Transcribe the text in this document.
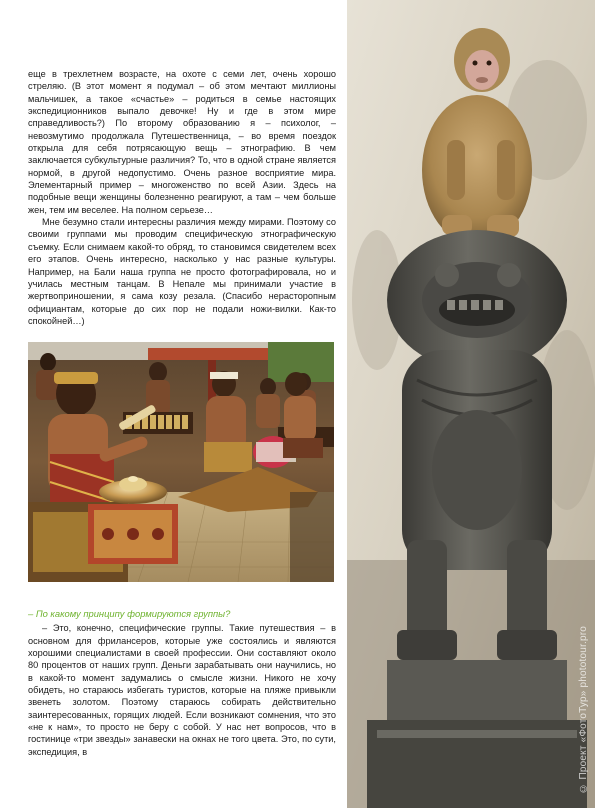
еще в трехлетнем возрасте, на охоте с семи лет, очень хорошо стреляю. (В этот момент я подумал – об этом мечтают миллионы мальчишек, а такое «счастье» – родиться в семье настоящих экспедиционников выпало девочке! Ну и где в этом мире справедливость?) По второму образованию я – психолог, – невозмутимо продолжала Путешественница, – во время поездок открыла для себя потрясающую вещь – этнографию. В чем заключается субкультурные различия? То, что в одной стране является нормой, в другой недопустимо. Очень разное восприятие мира. Элементарный пример – многоженство по всей Азии. Здесь на подобные вещи женщины болезненно реагируют, а там – чем больше жен, тем им веселее. На полном серьезе…

Мне безумно стали интересны различия между мирами. Поэтому со своими группами мы проводим специфическую этнографическую съемку. Если снимаем какой-то обряд, то становимся свидетелем всех его этапов. Очень интересно, насколько у нас разные культуры. Например, на Бали наша группа не просто фотографировала, но и училась местным танцам. В Непале мы принимали участие в жертвоприношении, я сама козу резала. (Спасибо нерасторопным официантам, которые до сих пор не подали ножи-вилки. Как-то спокойней…)

– По какому принципу формируются группы?

– Это, конечно, специфические группы. Такие путешествия – в основном для фрилансеров, которые уже состоялись и являются хорошими специалистами в своей профессии. Они составляют около 80 процентов от наших групп. Деньги зарабатывать они научились, но в какой-то момент задумались о смысле жизни. Никого не хочу обидеть, но стараюсь избегать туристов, которые на пляже привыкли звенеть золотом. Поэтому стараюсь собирать действительно заинтересованных, горящих людей. Если возникают сомнения, что это «не к нам», то просто не беру с собой. У нас нет вопросов, что в гостинице «три звезды» занавески на окнах не того цвета. Это, по сути, экспедиция, в

© Проект «ФотоТур» phototour.pro
